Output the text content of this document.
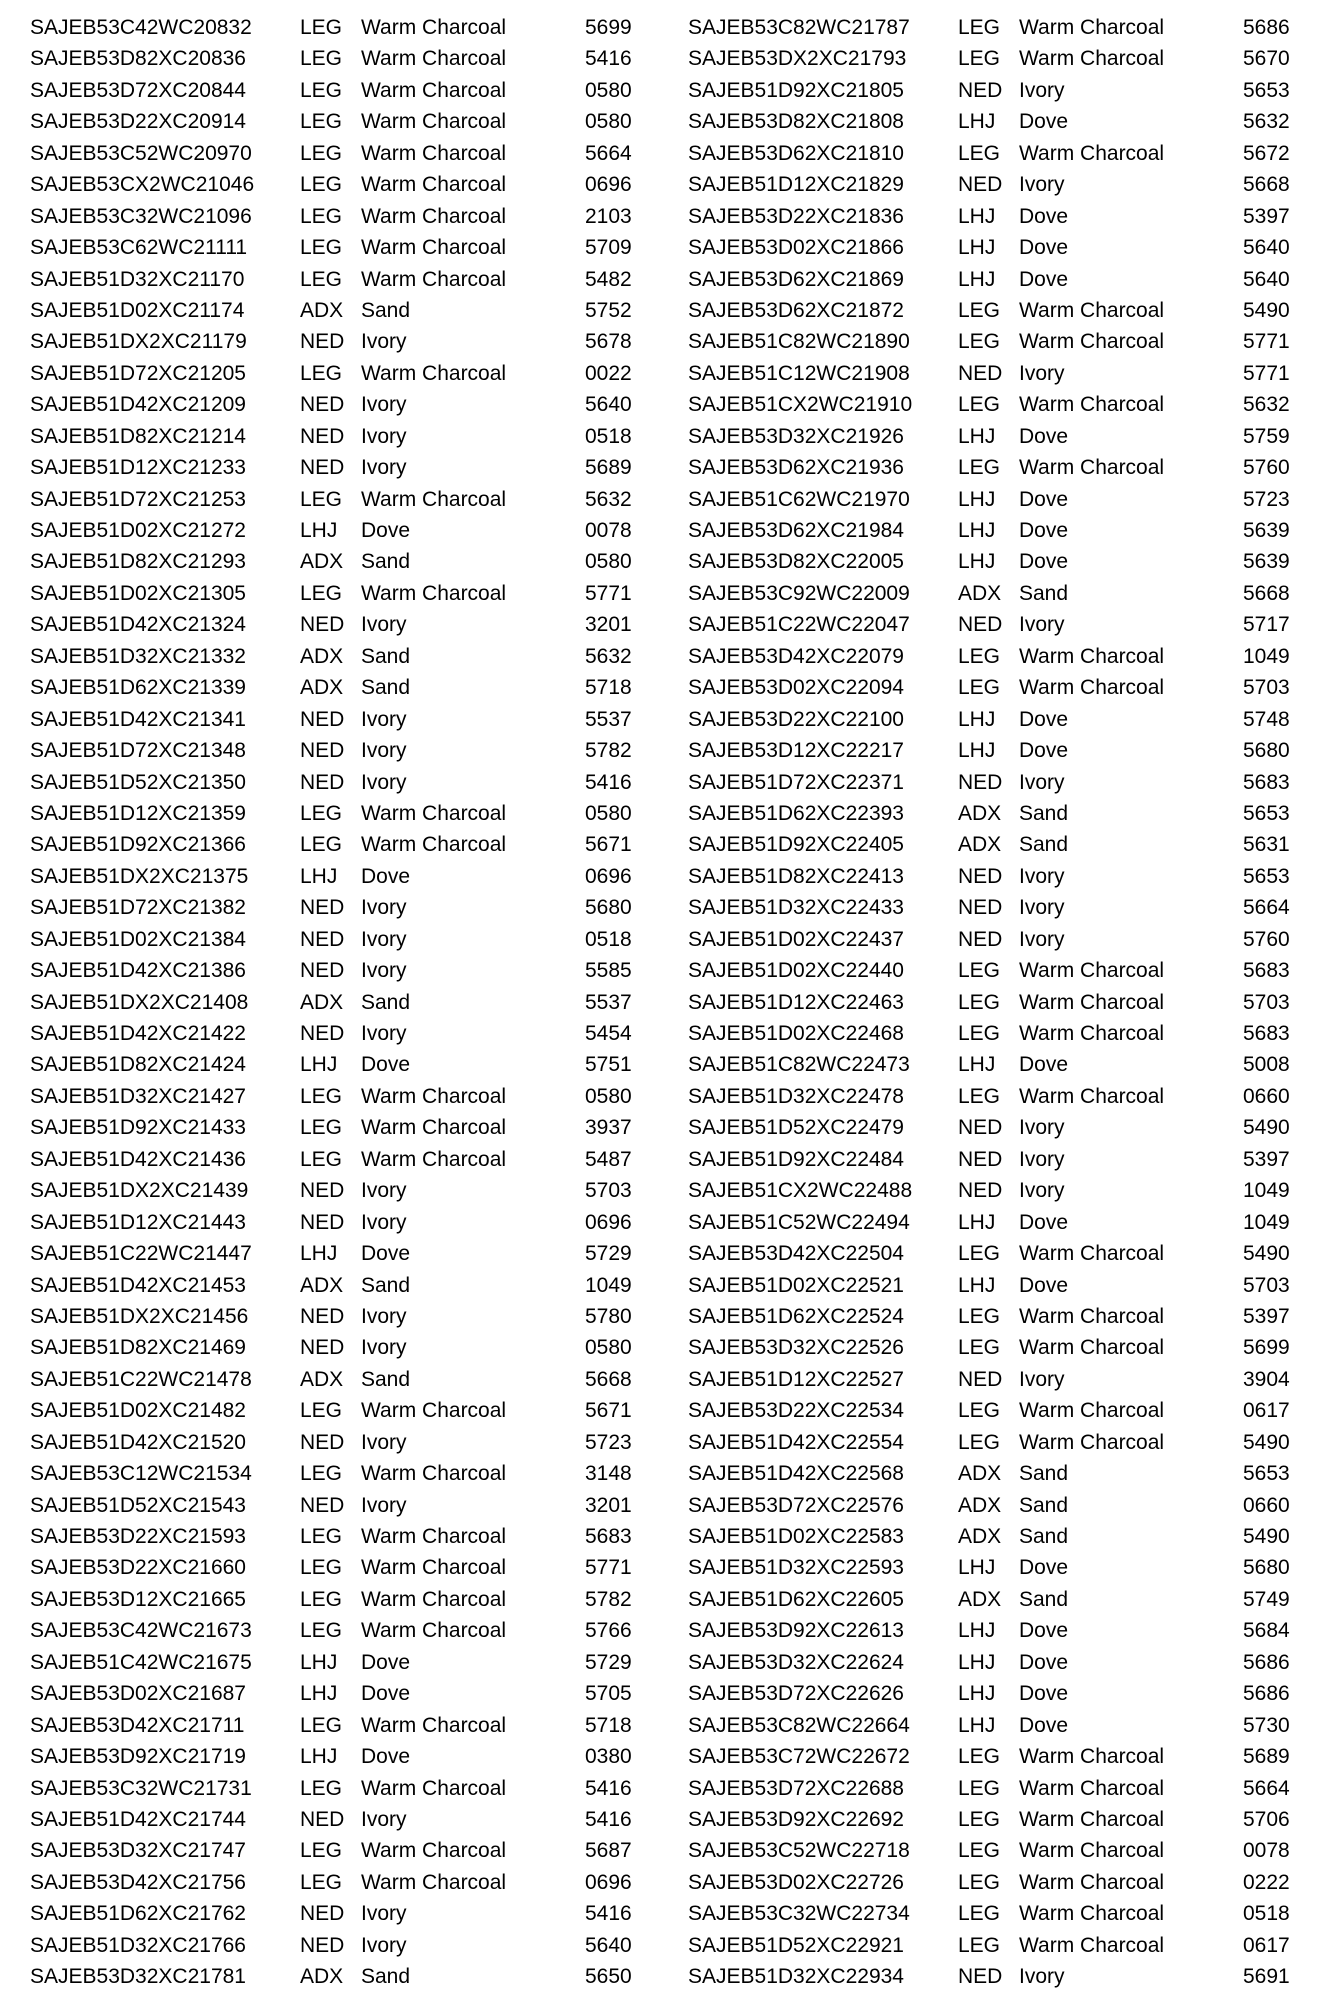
SAJEB53C42WC20832 LEG Warm Charcoal	5699
SAJEB53D82XC20836	LEG Warm Charcoal	5416
SAJEB53D72XC20844	LEG Warm Charcoal	0580
SAJEB53D22XC20914	LEG Warm Charcoal	0580
SAJEB53C52WC20970 LEG Warm Charcoal	5664
SAJEB53CX2WC21046 LEG Warm Charcoal	0696
SAJEB53C32WC21096 LEG Warm Charcoal	2103
SAJEB53C62WC21111	LEG Warm Charcoal	5709
SAJEB51D32XC21170	LEG Warm Charcoal	5482
SAJEB51D02XC21174	ADX Sand	5752
SAJEB51DX2XC21179	NED Ivory	5678
SAJEB51D72XC21205	LEG Warm Charcoal	0022
SAJEB51D42XC21209	NED Ivory	5640
SAJEB51D82XC21214	NED Ivory	0518
SAJEB51D12XC21233	NED Ivory	5689
SAJEB51D72XC21253	LEG Warm Charcoal	5632
SAJEB51D02XC21272	LHJ Dove	0078
SAJEB51D82XC21293	ADX Sand	0580
SAJEB51D02XC21305	LEG Warm Charcoal	5771
SAJEB51D42XC21324	NED Ivory	3201
SAJEB51D32XC21332	ADX Sand	5632
SAJEB51D62XC21339	ADX Sand	5718
SAJEB51D42XC21341	NED Ivory	5537
SAJEB51D72XC21348	NED Ivory	5782
SAJEB51D52XC21350	NED Ivory	5416
SAJEB51D12XC21359	LEG Warm Charcoal	0580
SAJEB51D92XC21366	LEG Warm Charcoal	5671
SAJEB51DX2XC21375 LHJ Dove	0696
SAJEB51D72XC21382	NED Ivory	5680
SAJEB51D02XC21384	NED Ivory	0518
SAJEB51D42XC21386	NED Ivory	5585
SAJEB51DX2XC21408 ADX Sand	5537
SAJEB51D42XC21422	NED Ivory	5454
SAJEB51D82XC21424	LHJ Dove	5751
SAJEB51D32XC21427	LEG Warm Charcoal	0580
SAJEB51D92XC21433	LEG Warm Charcoal	3937
SAJEB51D42XC21436	LEG Warm Charcoal	5487
SAJEB51DX2XC21439 NED Ivory	5703
SAJEB51D12XC21443	NED Ivory	0696
SAJEB51C22WC21447 LHJ Dove	5729
SAJEB51D42XC21453	ADX Sand	1049
SAJEB51DX2XC21456 NED Ivory	5780
SAJEB51D82XC21469	NED Ivory	0580
SAJEB51C22WC21478 ADX Sand	5668
SAJEB51D02XC21482	LEG Warm Charcoal	5671
SAJEB51D42XC21520	NED Ivory	5723
SAJEB53C12WC21534 LEG Warm Charcoal	3148
SAJEB51D52XC21543	NED Ivory	3201
SAJEB53D22XC21593	LEG Warm Charcoal	5683
SAJEB53D22XC21660	LEG Warm Charcoal	5771
SAJEB53D12XC21665	LEG Warm Charcoal	5782
SAJEB53C42WC21673 LEG Warm Charcoal	5766
SAJEB51C42WC21675 LHJ Dove	5729
SAJEB53D02XC21687	LHJ Dove	5705
SAJEB53D42XC21711	LEG Warm Charcoal	5718
SAJEB53D92XC21719	LHJ Dove	0380
SAJEB53C32WC21731 LEG Warm Charcoal	5416
SAJEB51D42XC21744	NED Ivory	5416
SAJEB53D32XC21747	LEG Warm Charcoal	5687
SAJEB53D42XC21756	LEG Warm Charcoal	0696
SAJEB51D62XC21762	NED Ivory	5416
SAJEB51D32XC21766	NED Ivory	5640
SAJEB53D32XC21781	ADX Sand	5650
SAJEB53C82WC21787 LEG Warm Charcoal	5686
SAJEB53DX2XC21793 LEG Warm Charcoal	5670
SAJEB51D92XC21805	NED Ivory	5653
SAJEB53D82XC21808	LHJ Dove	5632
SAJEB53D62XC21810	LEG Warm Charcoal	5672
SAJEB51D12XC21829	NED Ivory	5668
SAJEB53D22XC21836	LHJ Dove	5397
SAJEB53D02XC21866	LHJ Dove	5640
SAJEB53D62XC21869	LHJ Dove	5640
SAJEB53D62XC21872	LEG Warm Charcoal	5490
SAJEB51C82WC21890 LEG Warm Charcoal	5771
SAJEB51C12WC21908 NED Ivory	5771
SAJEB51CX2WC21910 LEG Warm Charcoal	5632
SAJEB53D32XC21926	LHJ Dove	5759
SAJEB53D62XC21936	LEG Warm Charcoal	5760
SAJEB51C62WC21970 LHJ Dove	5723
SAJEB53D62XC21984	LHJ Dove	5639
SAJEB53D82XC22005	LHJ Dove	5639
SAJEB53C92WC22009 ADX Sand	5668
SAJEB51C22WC22047 NED Ivory	5717
SAJEB53D42XC22079	LEG Warm Charcoal	1049
SAJEB53D02XC22094	LEG Warm Charcoal	5703
SAJEB53D22XC22100	LHJ Dove	5748
SAJEB53D12XC22217	LHJ Dove	5680
SAJEB51D72XC22371	NED Ivory	5683
SAJEB51D62XC22393	ADX Sand	5653
SAJEB51D92XC22405	ADX Sand	5631
SAJEB51D82XC22413	NED Ivory	5653
SAJEB51D32XC22433	NED Ivory	5664
SAJEB51D02XC22437	NED Ivory	5760
SAJEB51D02XC22440	LEG Warm Charcoal	5683
SAJEB51D12XC22463	LEG Warm Charcoal	5703
SAJEB51D02XC22468	LEG Warm Charcoal	5683
SAJEB51C82WC22473 LHJ Dove	5008
SAJEB51D32XC22478	LEG Warm Charcoal	0660
SAJEB51D52XC22479	NED Ivory	5490
SAJEB51D92XC22484	NED Ivory	5397
SAJEB51CX2WC22488 NED Ivory	1049
SAJEB51C52WC22494 LHJ Dove	1049
SAJEB53D42XC22504	LEG Warm Charcoal	5490
SAJEB51D02XC22521	LHJ Dove	5703
SAJEB51D62XC22524	LEG Warm Charcoal	5397
SAJEB53D32XC22526	LEG Warm Charcoal	5699
SAJEB51D12XC22527	NED Ivory	3904
SAJEB53D22XC22534	LEG Warm Charcoal	0617
SAJEB51D42XC22554	LEG Warm Charcoal	5490
SAJEB51D42XC22568	ADX Sand	5653
SAJEB53D72XC22576	ADX Sand	0660
SAJEB51D02XC22583	ADX Sand	5490
SAJEB51D32XC22593	LHJ Dove	5680
SAJEB51D62XC22605	ADX Sand	5749
SAJEB53D92XC22613	LHJ Dove	5684
SAJEB53D32XC22624	LHJ Dove	5686
SAJEB53D72XC22626	LHJ Dove	5686
SAJEB53C82WC22664 LHJ Dove	5730
SAJEB53C72WC22672 LEG Warm Charcoal	5689
SAJEB53D72XC22688	LEG Warm Charcoal	5664
SAJEB53D92XC22692	LEG Warm Charcoal	5706
SAJEB53C52WC22718 LEG Warm Charcoal	0078
SAJEB53D02XC22726	LEG Warm Charcoal	0222
SAJEB53C32WC22734 LEG Warm Charcoal	0518
SAJEB51D52XC22921	LEG Warm Charcoal	0617
SAJEB51D32XC22934	NED Ivory	5691
